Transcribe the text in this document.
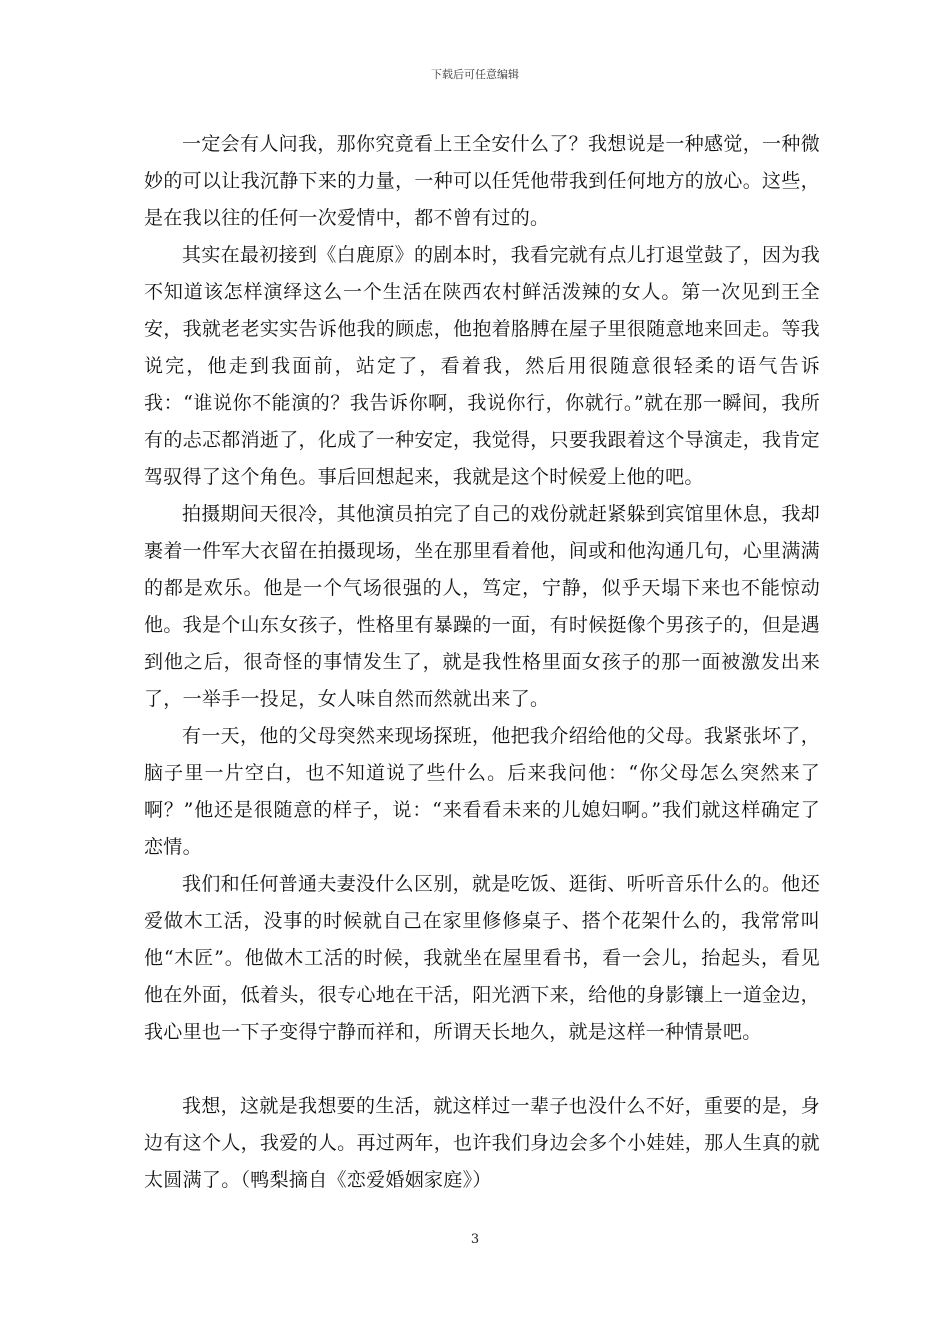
下载后可任意编辑

一定会有人问我，那你究竟看上王全安什么了？我想说是一种感觉，一种微妙的可以让我沉静下来的力量，一种可以任凭他带我到任何地方的放心。这些，是在我以往的任何一次爱情中，都不曾有过的。

其实在最初接到《白鹿原》的剧本时，我看完就有点儿打退堂鼓了，因为我不知道该怎样演绎这么一个生活在陕西农村鲜活泼辣的女人。第一次见到王全安，我就老老实实告诉他我的顾虑，他抱着胳膊在屋子里很随意地来回走。等我说完，他走到我面前，站定了，看着我，然后用很随意很轻柔的语气告诉我：“谁说你不能演的？我告诉你啊，我说你行，你就行。”就在那一瞬间，我所有的忐忑都消逝了，化成了一种安定，我觉得，只要我跟着这个导演走，我肯定驾驭得了这个角色。事后回想起来，我就是这个时候爱上他的吧。

拍摄期间天很冷，其他演员拍完了自己的戏份就赶紧躲到宾馆里休息，我却裹着一件军大衣留在拍摄现场，坐在那里看着他，间或和他沟通几句，心里满满的都是欢乐。他是一个气场很强的人，笃定，宁静，似乎天塌下来也不能惊动他。我是个山东女孩子，性格里有暴躁的一面，有时候挺像个男孩子的，但是遇到他之后，很奇怪的事情发生了，就是我性格里面女孩子的那一面被激发出来了，一举手一投足，女人味自然而然就出来了。

有一天，他的父母突然来现场探班，他把我介绍给他的父母。我紧张坏了，脑子里一片空白，也不知道说了些什么。后来我问他：“你父母怎么突然来了啊？”他还是很随意的样子，说：“来看看未来的儿媳妇啊。”我们就这样确定了恋情。

我们和任何普通夫妻没什么区别，就是吃饭、逛街、听听音乐什么的。他还爱做木工活，没事的时候就自己在家里修修桌子、搭个花架什么的，我常常叫他“木匠”。他做木工活的时候，我就坐在屋里看书，看一会儿，抬起头，看见他在外面，低着头，很专心地在干活，阳光洒下来，给他的身影镶上一道金边，我心里也一下子变得宁静而祥和，所谓天长地久，就是这样一种情景吧。

我想，这就是我想要的生活，就这样过一辈子也没什么不好，重要的是，身边有这个人，我爱的人。再过两年，也许我们身边会多个小娃娃，那人生真的就太圆满了。（鸭梨摘自《恋爱婚姻家庭》）

3
